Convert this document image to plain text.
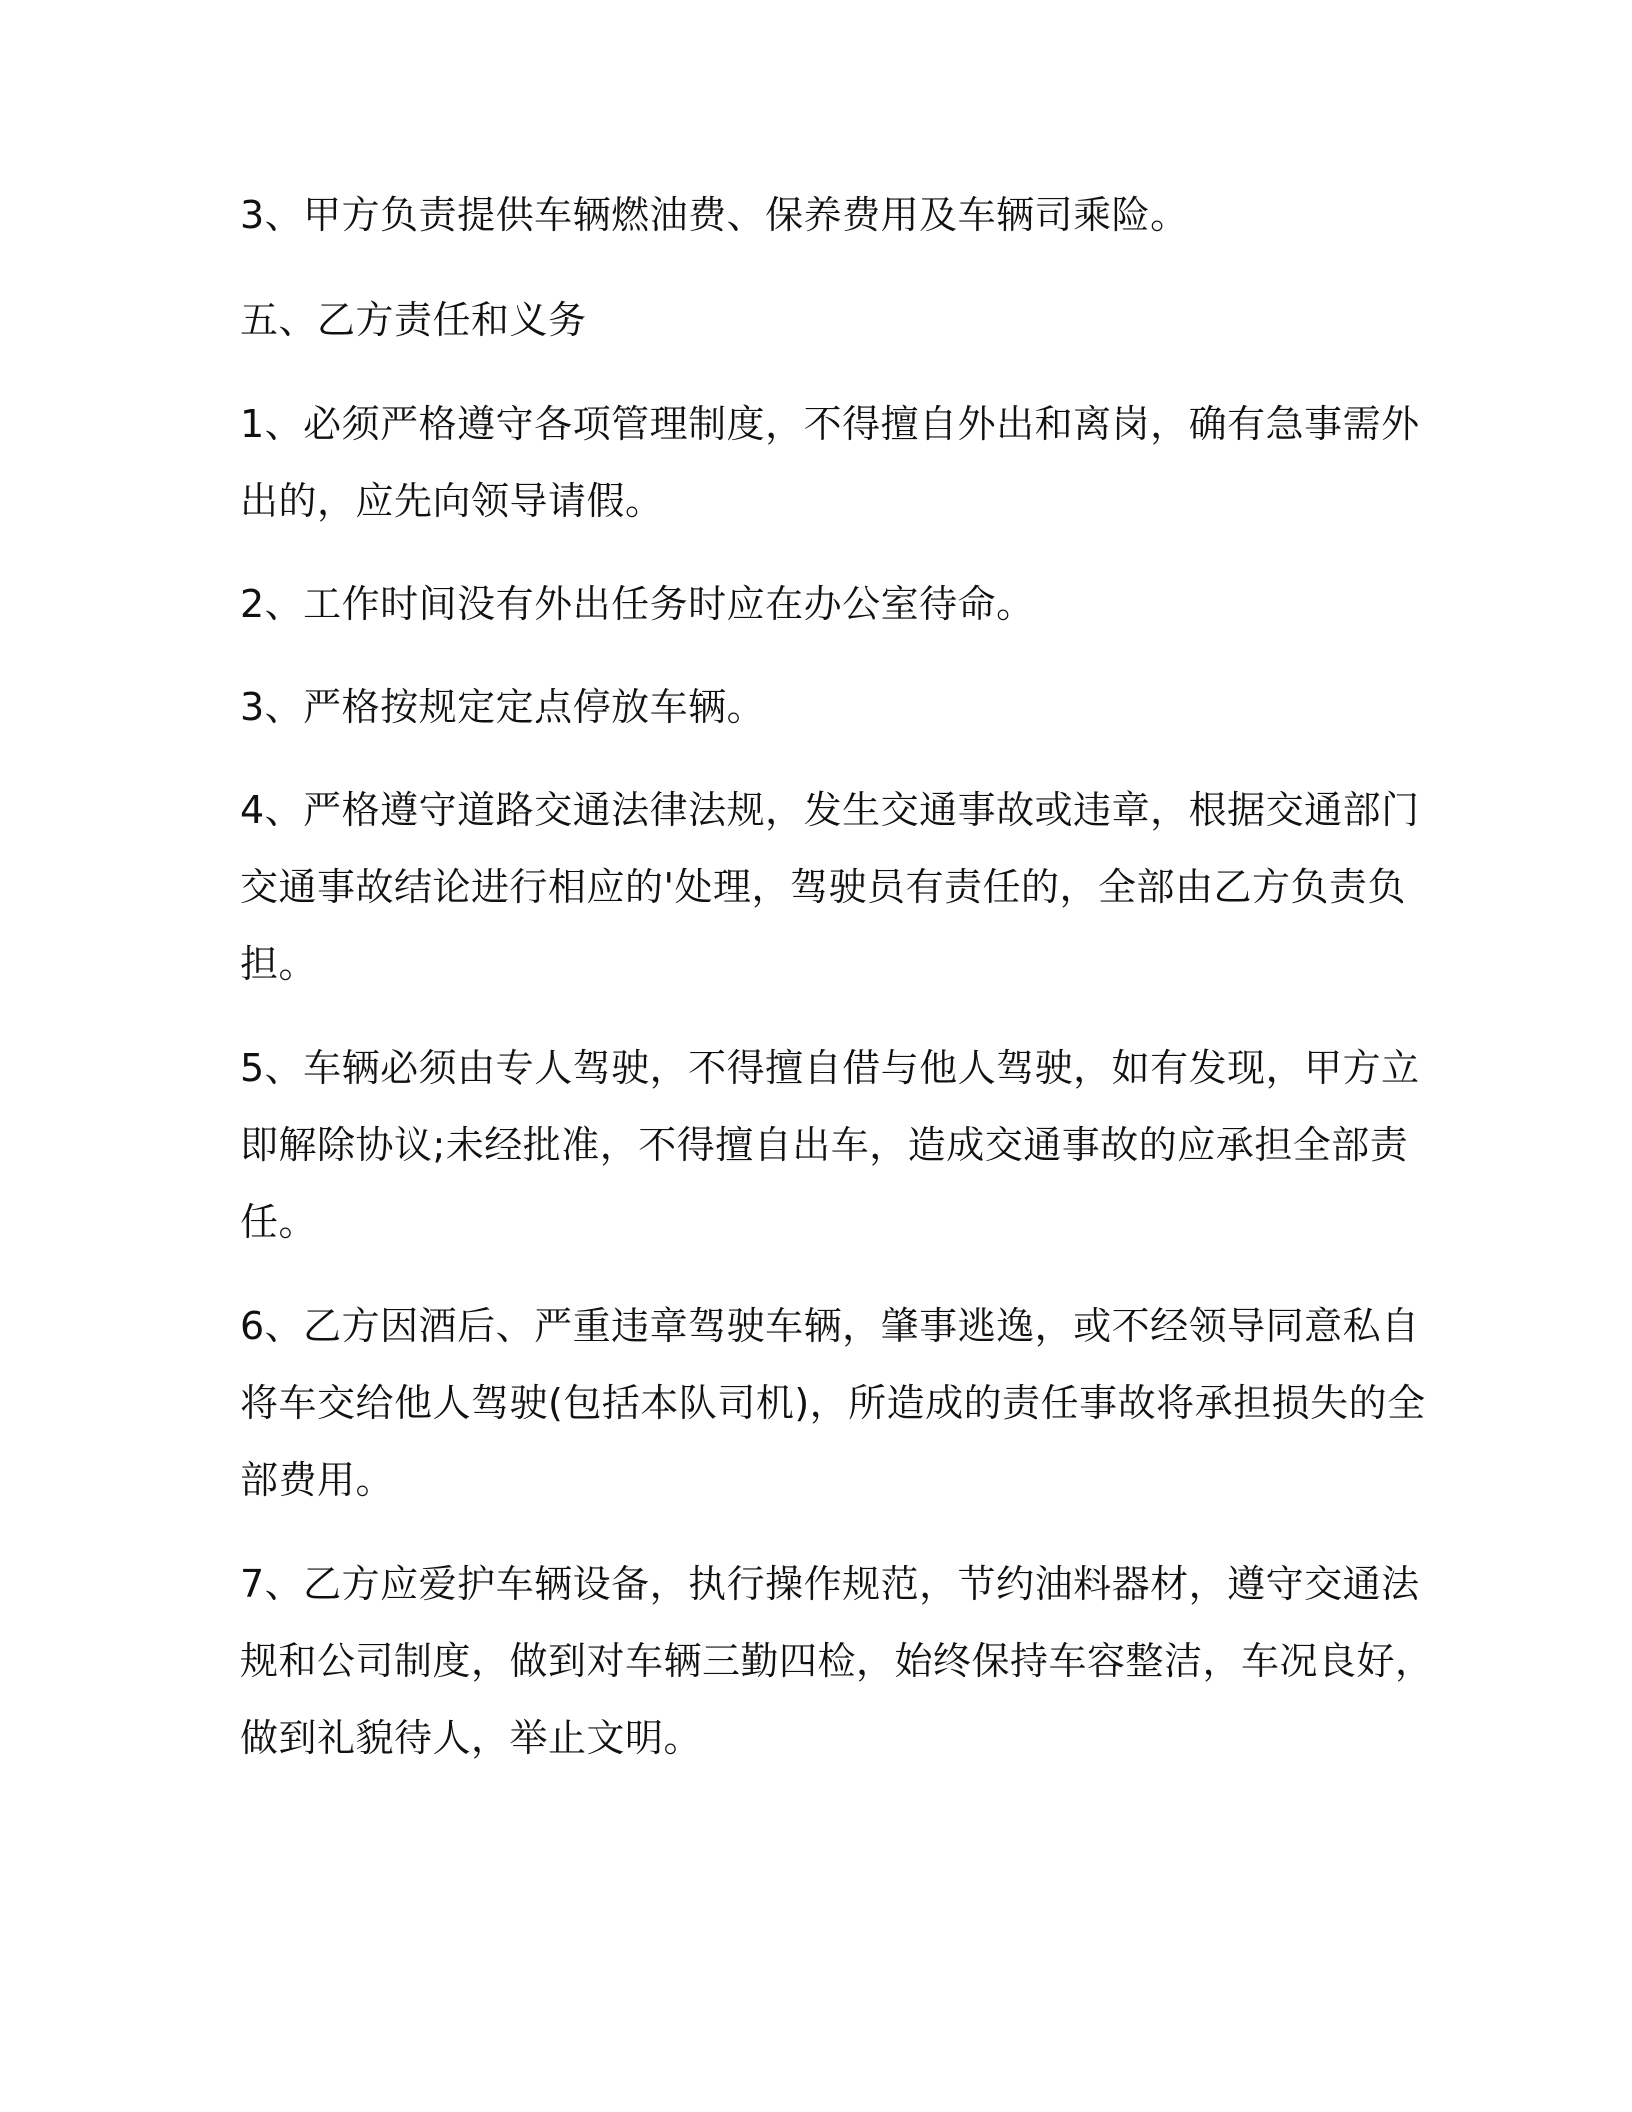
3、甲方负责提供车辆燃油费、保养费用及车辆司乘险。

五、乙方责任和义务

1、必须严格遵守各项管理制度，不得擅自外出和离岗，确有急事需外
出的，应先向领导请假。

2、工作时间没有外出任务时应在办公室待命。

3、严格按规定定点停放车辆。

4、严格遵守道路交通法律法规，发生交通事故或违章，根据交通部门
交通事故结论进行相应的'处理，驾驶员有责任的，全部由乙方负责负
担。

5、车辆必须由专人驾驶，不得擅自借与他人驾驶，如有发现，甲方立
即解除协议;未经批准，不得擅自出车，造成交通事故的应承担全部责
任。

6、乙方因酒后、严重违章驾驶车辆，肇事逃逸，或不经领导同意私自
将车交给他人驾驶(包括本队司机)，所造成的责任事故将承担损失的全
部费用。

7、乙方应爱护车辆设备，执行操作规范，节约油料器材，遵守交通法
规和公司制度，做到对车辆三勤四检，始终保持车容整洁，车况良好，
做到礼貌待人，举止文明。
